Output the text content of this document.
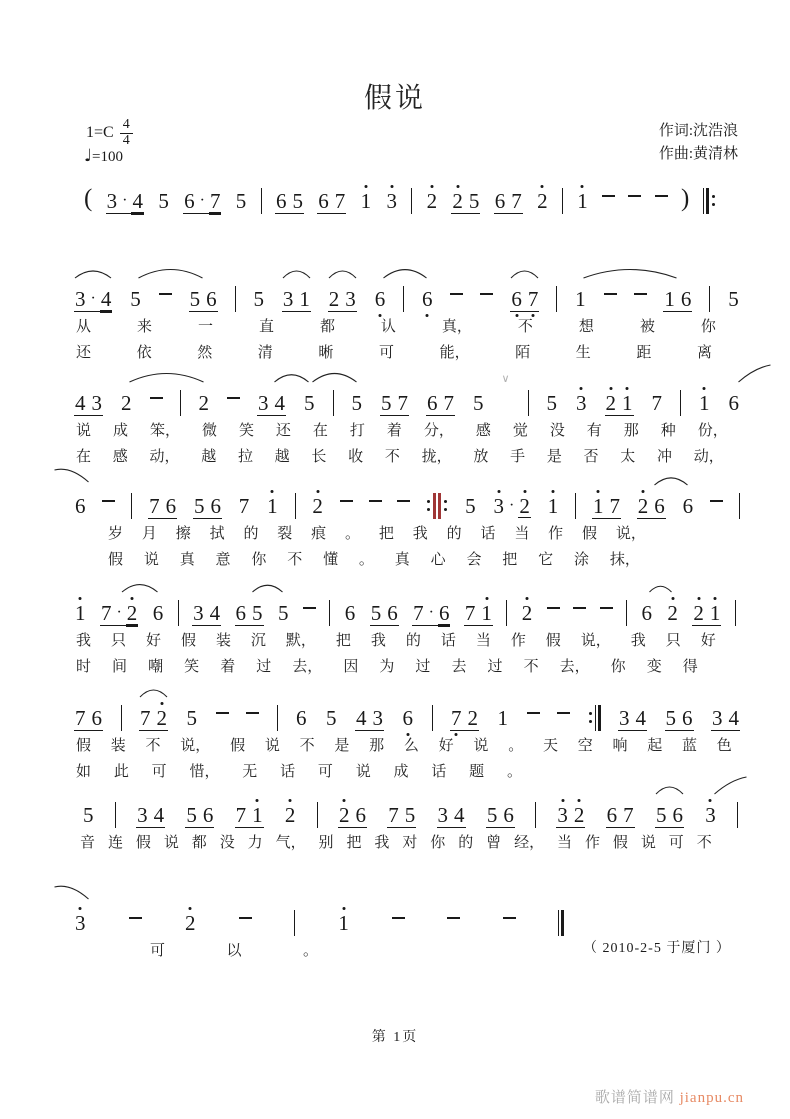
假说
$1=C \frac{4}{4}$
♩=100
作词:沈浩浪
作曲:黄清林
( 3 · 4 5 6 · 7 5 6 5 6 7 1 3 2 2 5 6 7 2 1	)
3 · 4 5 5 6 5 3 1 2 3 6 6	6 7 1	1 6 5
从	来	一	直	都	认	真，	不	想	被	你
还	依	然	清	晰	可	能，	陌	生	距	离
4 3 2	2 3 4 5 5 5 7 6 7 5
∨
5 3 2 1 7 1 6
说 成 笨， 微 笑 还 在 打 着 分， 感 觉 没 有 那 种 份，
在 感 动， 越 拉 越 长 收 不 拢， 放 手 是 否 太 冲 动，
6	7 6 5 6 7 1 2	5 3 · 2 1 1 7 2 6 6
岁 月 擦 拭 的 裂 痕 。 把 我 的 话 当 作 假 说，
假 说 真 意 你 不 懂 。 真 心 会 把 它 涂 抹，
1 7 · 2 6 3 4 6 5 5	6 5 6 7 · 6 7 1 2	6 2 2 1
我 只 好 假 装 沉 默， 把 我 的 话 当 作 假 说， 我 只 好
时 间 嘲 笑 着 过 去， 因 为 过 去 过 不 去， 你 变 得
7 6 7 2 5	6 5 4 3 6 7 2 1	3 4 5 6 3 4
假 装 不 说， 假 说 不 是 那 么 好 说 。 天 空 响 起 蓝 色
如 此 可 惜， 无 话 可 说 成 话 题 。
5 3 4 5 6 7 1 2 2 6 7 5 3 4 5 6 3 2 6 7 5 6 3
音 连 假 说 都 没 力 气， 别 把 我 对 你 的 曾 经， 当 作 假 说 可 不
3	2	1
可	以	。	（ 2010-2-5 于厦门 ）
第 1页
歌谱简谱网 jianpu.cn
